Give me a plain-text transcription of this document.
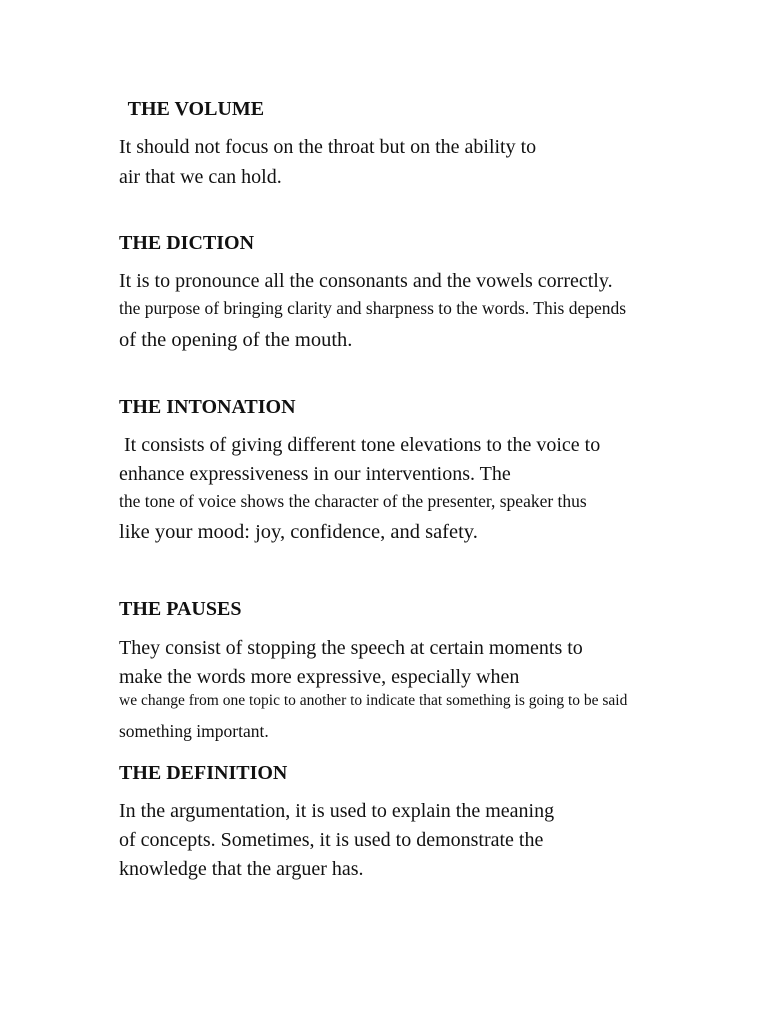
THE VOLUME
It should not focus on the throat but on the ability to
air that we can hold.
THE DICTION
It is to pronounce all the consonants and the vowels correctly.
the purpose of bringing clarity and sharpness to the words. This depends
of the opening of the mouth.
THE INTONATION
It consists of giving different tone elevations to the voice to
enhance expressiveness in our interventions. The
the tone of voice shows the character of the presenter, speaker thus
like your mood: joy, confidence, and safety.
THE PAUSES
They consist of stopping the speech at certain moments to
make the words more expressive, especially when
we change from one topic to another to indicate that something is going to be said
something important.
THE DEFINITION
In the argumentation, it is used to explain the meaning
of concepts. Sometimes, it is used to demonstrate the
knowledge that the arguer has.
